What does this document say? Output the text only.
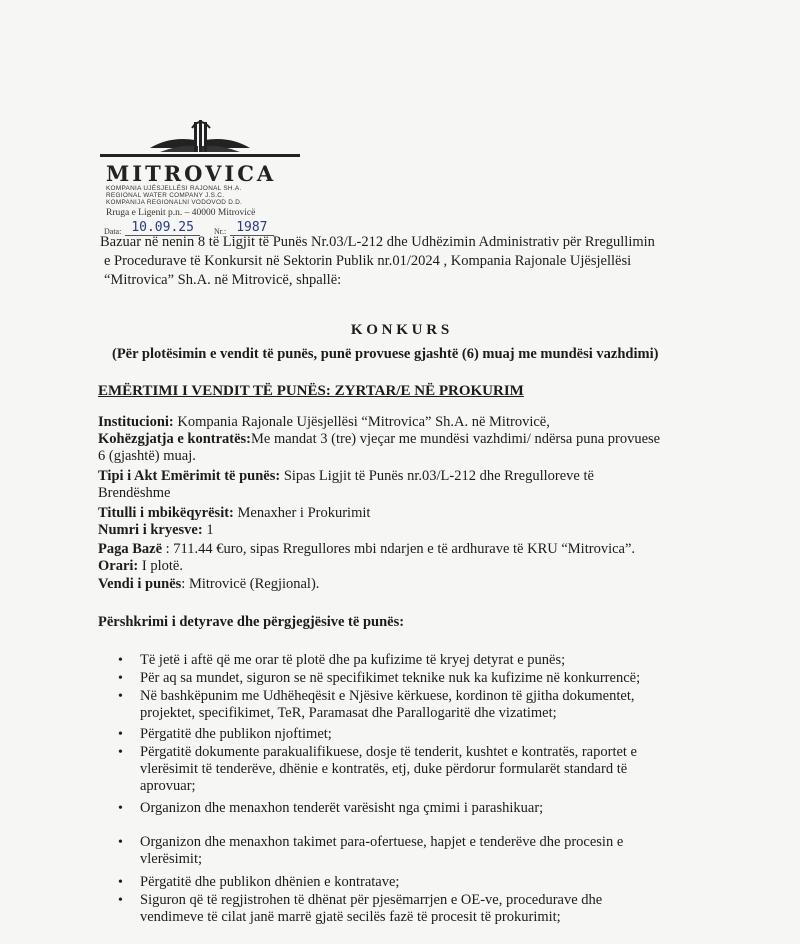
MITROVICA
KOMPANIA UJËSJELLËSI RAJONAL SH.A.
REGIONAL WATER COMPANY J.S.C.
KOMPANIJA REGIONALNI VODOVOD D.D.
Rruga e Ligenit p.n. – 40000 Mitrovicë
Data: 10.09.25	Nr.: 1987
Bazuar në nenin 8 të Ligjit të Punës Nr.03/L-212 dhe Udhëzimin Administrativ për Rregullimin
e Procedurave të Konkursit në Sektorin Publik nr.01/2024 , Kompania Rajonale Ujësjellësi
“Mitrovica” Sh.A. në Mitrovicë, shpallë:
K O N K U R S
(Për plotësimin e vendit të punës, punë provuese gjashtë (6) muaj me mundësi vazhdimi)
EMËRTIMI I VENDIT TË PUNËS: ZYRTAR/E NË PROKURIM
Institucioni: Kompania Rajonale Ujësjellësi “Mitrovica” Sh.A. në Mitrovicë,
Kohëzgjatja e kontratës:Me mandat 3 (tre) vjeçar me mundësi vazhdimi/ ndërsa puna provuese
6 (gjashtë) muaj.
Tipi i Akt Emërimit të punës: Sipas Ligjit të Punës nr.03/L-212 dhe Rregulloreve të
Brendëshme
Titulli i mbikëqyrësit: Menaxher i Prokurimit
Numri i kryesve: 1
Paga Bazë : 711.44 €uro, sipas Rregullores mbi ndarjen e të ardhurave të KRU “Mitrovica”.
Orari: I plotë.
Vendi i punës: Mitrovicë (Regjional).
Përshkrimi i detyrave dhe përgjegjësive të punës:
• Të jetë i aftë që me orar të plotë dhe pa kufizime të kryej detyrat e punës;
• Për aq sa mundet, siguron se në specifikimet teknike nuk ka kufizime në konkurrencë;
• Në bashkëpunim me Udhëheqësit e Njësive kërkuese, kordinon të gjitha dokumentet,
projektet, specifikimet, TeR, Paramasat dhe Parallogaritë dhe vizatimet;
• Përgatitë dhe publikon njoftimet;
• Përgatitë dokumente parakualifikuese, dosje të tenderit, kushtet e kontratës, raportet e
vlerësimit të tenderëve, dhënie e kontratës, etj, duke përdorur formularët standard të
aprovuar;
• Organizon dhe menaxhon tenderët varësisht nga çmimi i parashikuar;
• Organizon dhe menaxhon takimet para-ofertuese, hapjet e tenderëve dhe procesin e
vlerësimit;
• Përgatitë dhe publikon dhënien e kontratave;
• Siguron që të regjistrohen të dhënat për pjesëmarrjen e OE-ve, procedurave dhe
vendimeve të cilat janë marrë gjatë secilës fazë të procesit të prokurimit;
